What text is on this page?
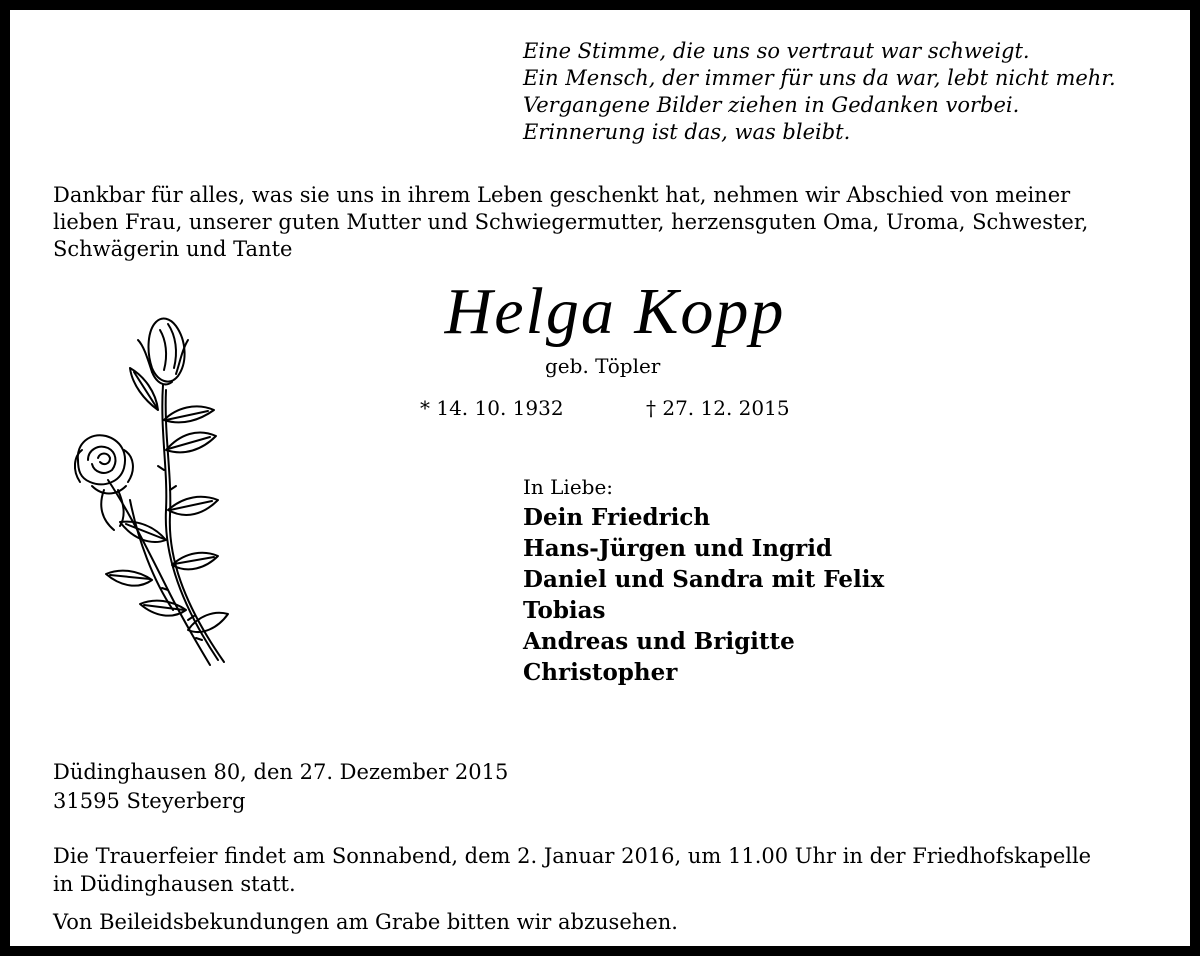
Eine Stimme, die uns so vertraut war schweigt.
Ein Mensch, der immer für uns da war, lebt nicht mehr.
Vergangene Bilder ziehen in Gedanken vorbei.
Erinnerung ist das, was bleibt.
Dankbar für alles, was sie uns in ihrem Leben geschenkt hat, nehmen wir Abschied von meiner
lieben Frau, unserer guten Mutter und Schwiegermutter, herzensguten Oma, Uroma, Schwester,
Schwägerin und Tante
Helga Kopp
geb. Töpler
* 14. 10. 1932	† 27. 12. 2015
In Liebe:
Dein Friedrich
Hans-Jürgen und Ingrid
Daniel und Sandra mit Felix
Tobias
Andreas und Brigitte
Christopher
Düdinghausen 80, den 27. Dezember 2015
31595 Steyerberg
Die Trauerfeier findet am Sonnabend, dem 2. Januar 2016, um 11.00 Uhr in der Friedhofskapelle
in Düdinghausen statt.
Von Beileidsbekundungen am Grabe bitten wir abzusehen.
